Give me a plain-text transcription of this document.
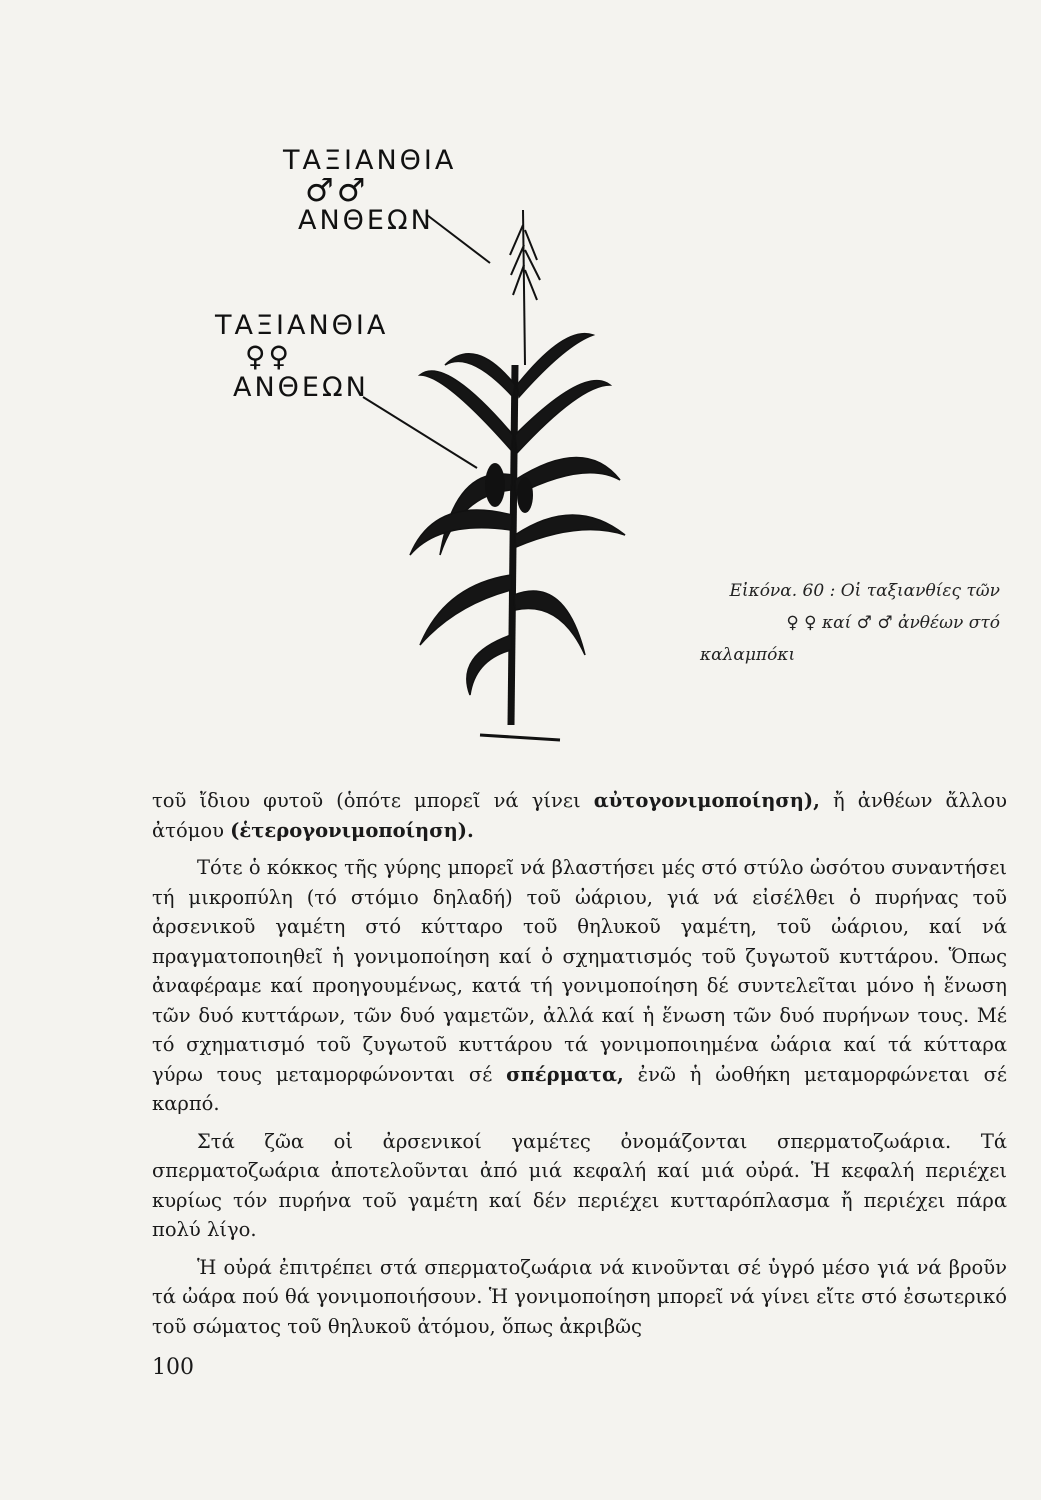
ΤΑΞΙΑΝΘΙΑ
♂♂
ΑΝΘΕΩΝ
ΤΑΞΙΑΝΘΙΑ
♀♀
ΑΝΘΕΩΝ
Εἰκόνα. 60 : Οἱ ταξιανθίες τῶν
♀ ♀ καί ♂ ♂ ἀνθέων στό
καλαμπόκι

τοῦ ἴδιου φυτοῦ (ὁπότε μπορεῖ νά γίνει αὐτογονιμοποίηση), ἤ ἀνθέων ἄλλου ἀτόμου (ἑτερογονιμοποίηση).

Τότε ὁ κόκκος τῆς γύρης μπορεῖ νά βλαστήσει μές στό στύλο ὡσότου συναντήσει τή μικροπύλη (τό στόμιο δηλαδή) τοῦ ὠάριου, γιά νά εἰσέλθει ὁ πυρήνας τοῦ ἀρσενικοῦ γαμέτη στό κύτταρο τοῦ θηλυκοῦ γαμέτη, τοῦ ὠάριου, καί νά πραγματοποιηθεῖ ἡ γονιμοποίηση καί ὁ σχηματισμός τοῦ ζυγωτοῦ κυττάρου. Ὅπως ἀναφέραμε καί προηγουμένως, κατά τή γονιμοποίηση δέ συντελεῖται μόνο ἡ ἕνωση τῶν δυό κυττάρων, τῶν δυό γαμετῶν, ἀλλά καί ἡ ἕνωση τῶν δυό πυρήνων τους. Μέ τό σχηματισμό τοῦ ζυγωτοῦ κυττάρου τά γονιμοποιημένα ὠάρια καί τά κύτταρα γύρω τους μεταμορφώνονται σέ σπέρματα, ἐνῶ ἡ ὠοθήκη μεταμορφώνεται σέ καρπό.

Στά ζῶα οἱ ἀρσενικοί γαμέτες ὀνομάζονται σπερματοζωάρια. Τά σπερματοζωάρια ἀποτελοῦνται ἀπό μιά κεφαλή καί μιά οὐρά. Ἡ κεφαλή περιέχει κυρίως τόν πυρήνα τοῦ γαμέτη καί δέν περιέχει κυτταρόπλασμα ἤ περιέχει πάρα πολύ λίγο.

Ἡ οὐρά ἐπιτρέπει στά σπερματοζωάρια νά κινοῦνται σέ ὑγρό μέσο γιά νά βροῦν τά ὠάρα πού θά γονιμοποιήσουν. Ἡ γονιμοποίηση μπορεῖ νά γίνει εἴτε στό ἐσωτερικό τοῦ σώματος τοῦ θηλυκοῦ ἀτόμου, ὅπως ἀκριβῶς

100
